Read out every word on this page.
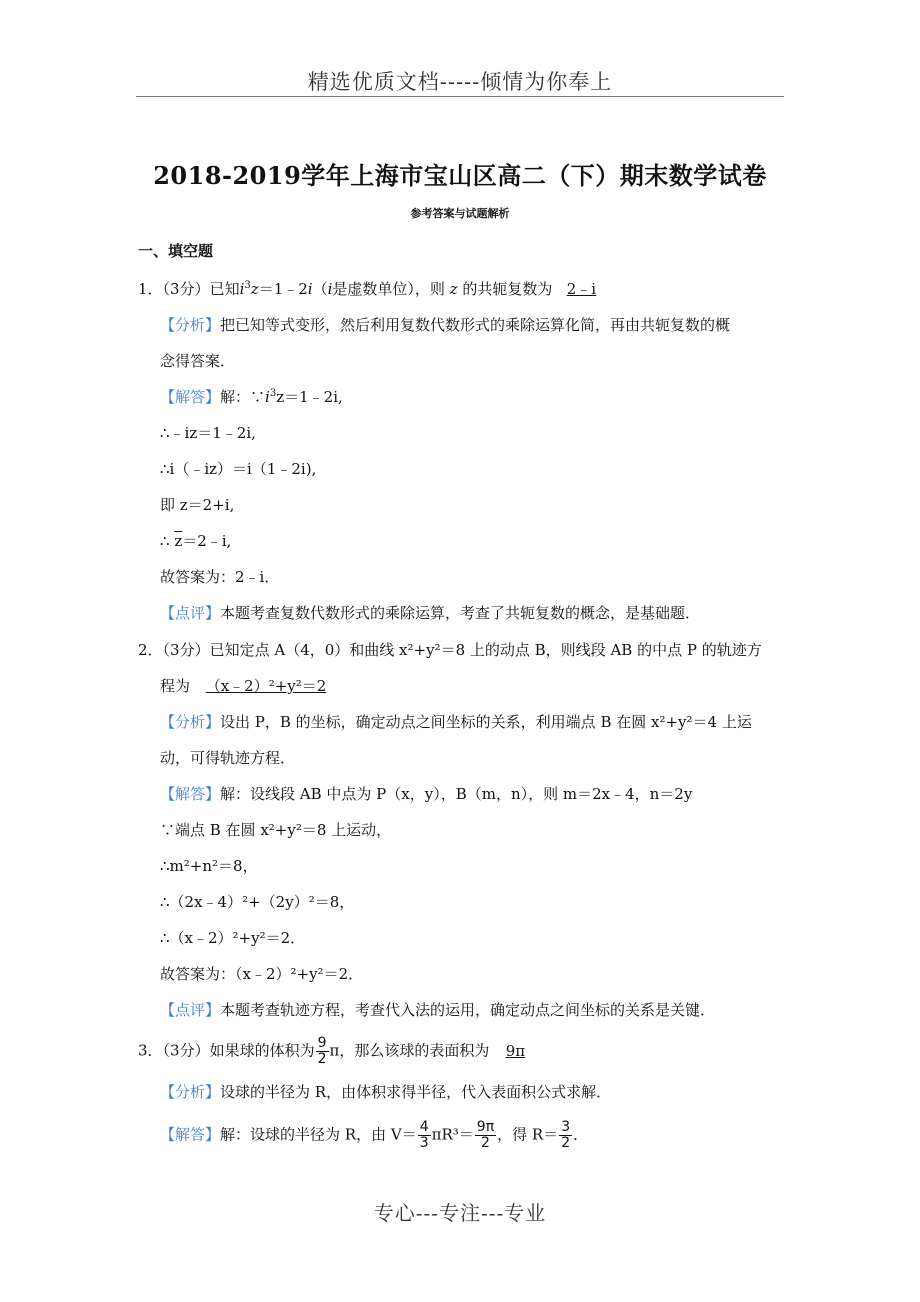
精选优质文档-----倾情为你奉上
2018-2019学年上海市宝山区高二（下）期末数学试卷
参考答案与试题解析
一、填空题
1．（3分）已知$i^3z=1﹣2i(i$是虚数单位），则 z 的共轭复数为 2﹣i
【分析】把已知等式变形，然后利用复数代数形式的乘除运算化简，再由共轭复数的概
念得答案．
【解答】解：$\because i^3z=1﹣2i$,
∴﹣iz＝1﹣2i,
∴i（﹣iz）＝i（1﹣2i),
即 z＝2+i,
∴ $\overline{z}=2﹣i$,
故答案为：2﹣i．
【点评】本题考查复数代数形式的乘除运算，考查了共轭复数的概念，是基础题．
2．（3分）已知定点 A（4，0）和曲线 x²+y²＝8 上的动点 B，则线段 AB 的中点 P 的轨迹方
程为 （x﹣2）²+y²＝2
【分析】设出 P，B 的坐标，确定动点之间坐标的关系，利用端点 B 在圆 x²+y²＝4 上运
动，可得轨迹方程．
【解答】解：设线段 AB 中点为 P（x，y），B（m，n），则 m＝2x﹣4，n＝2y
∵端点 B 在圆 x²+y²＝8 上运动，
∴m²+n²＝8，
∴（2x﹣4）²+（2y）²＝8，
∴（x﹣2）²+y²＝2．
故答案为：（x﹣2）²+y²＝2．
【点评】本题考查轨迹方程，考查代入法的运用，确定动点之间坐标的关系是关键．
3．（3分）如果球的体积为 $\frac{9}{2}$ π，那么该球的表面积为 9π
【分析】设球的半径为 R，由体积求得半径，代入表面积公式求解．
【解答】解：设球的半径为 R，由 $V= \frac{4}{3} \pi R^3= \frac{9\pi}{2}$ ，得 $R= \frac{3}{2}$ ．
专心---专注---专业
